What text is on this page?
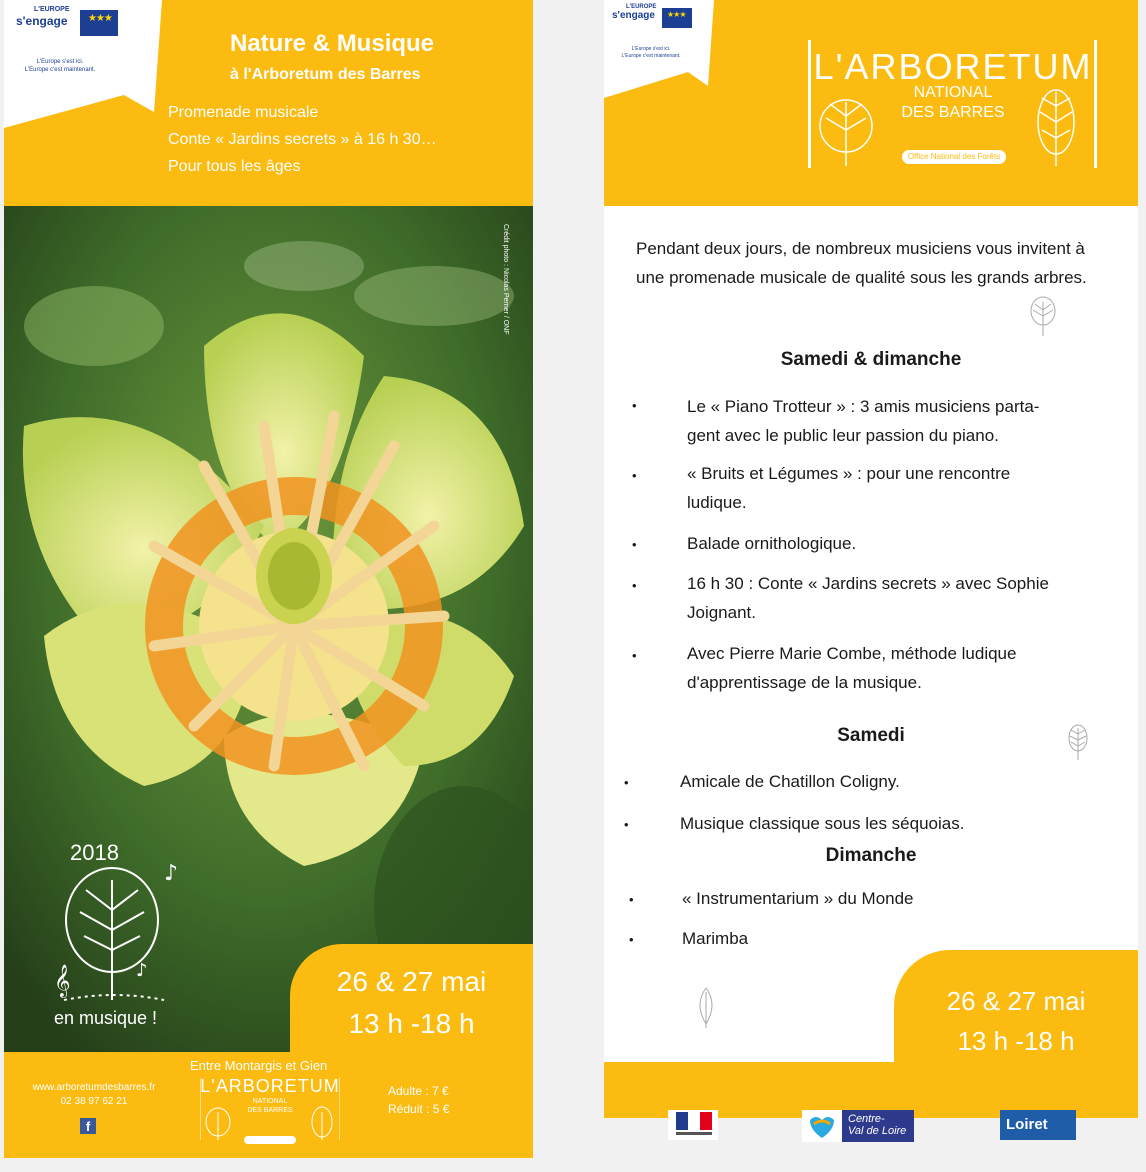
L'EUROPE
s'engage ★★★
L'Europe s'est ici.
L'Europe c'est maintenant.
Nature & Musique
à l'Arboretum des Barres
Promenade musicale
Conte « Jardins secrets » à 16 h 30…
Pour tous les âges
Crédit photo : Nicolas Perrier / ONF
♪
𝄞	♪
2018
en musique !
26 & 27 mai
13 h -18 h
Entre Montargis et Gien
www.arboretumdesbarres.fr
02 38 97 62 21
f
L'ARBORETUM
NATIONAL
DES BARRES
Adulte : 7 €
Réduit : 5 €
L'EUROPE
s'engage ★★★
L'Europe s'est ici.
L'Europe c'est maintenant.	L'ARBORETUM
NATIONAL
DES BARRES
Office National des Forêts
Pendant deux jours, de nombreux musiciens vous invitent à une promenade musicale de qualité sous les grands arbres.
Samedi & dimanche
•	Le « Piano Trotteur » : 3 amis musiciens parta-
gent avec le public leur passion du piano.
•	« Bruits et Légumes » : pour une rencontre
ludique.
•	Balade ornithologique.
•	16 h 30 : Conte « Jardins secrets » avec Sophie
Joignant.
•	Avec Pierre Marie Combe, méthode ludique
d'apprentissage de la musique.
Samedi
•	Amicale de Chatillon Coligny.
•	Musique classique sous les séquoias.
Dimanche
•	« Instrumentarium » du Monde
•	Marimba
26 & 27 mai
13 h -18 h
Centre-
Val de Loire	Loiret
